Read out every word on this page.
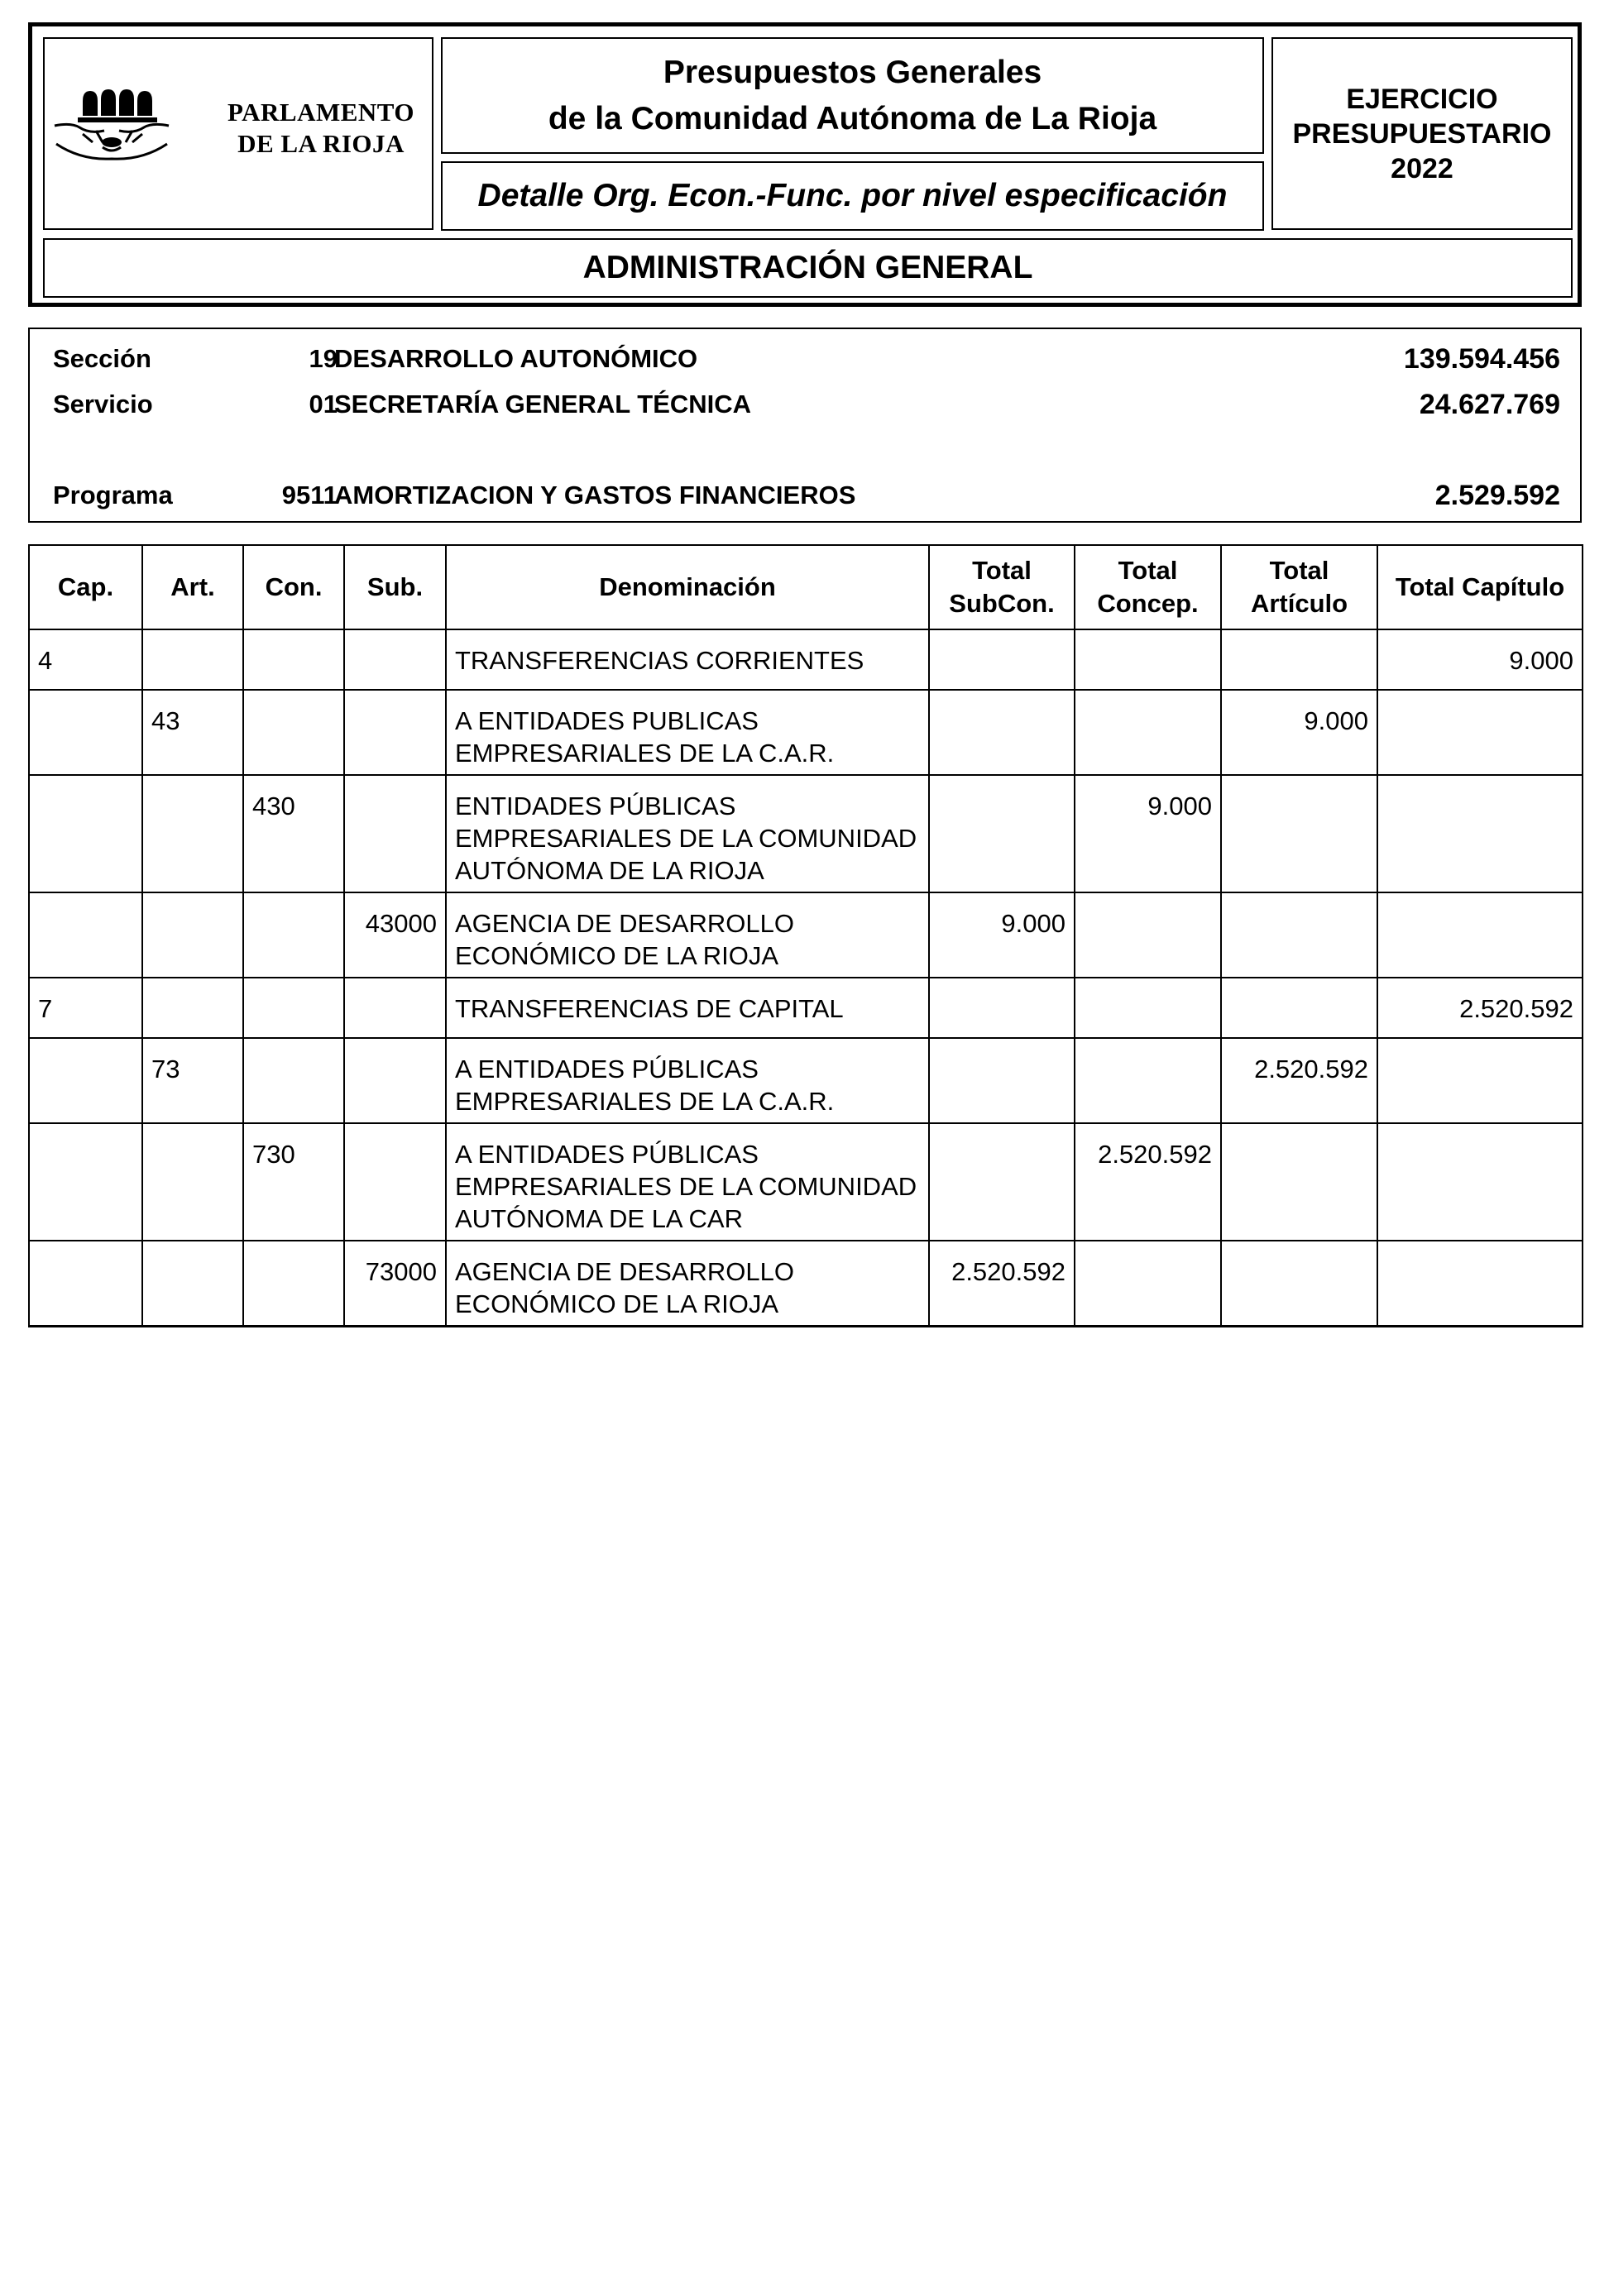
PARLAMENTO
DE LA RIOJA
Presupuestos Generales
de la Comunidad Autónoma de La Rioja
Detalle Org. Econ.-Func. por nivel especificación
EJERCICIO
PRESUPUESTARIO
2022
ADMINISTRACIÓN GENERAL
Sección	19
DESARROLLO AUTONÓMICO	139.594.456
Servicio	01
SECRETARÍA GENERAL TÉCNICA	24.627.769
Programa	9511
AMORTIZACION Y GASTOS FINANCIEROS	2.529.592
Cap.	Art.	Con.	Sub.	Denominación	Total SubCon.	Total Concep.	Total Artículo	Total Capítulo
4				TRANSFERENCIAS CORRIENTES				9.000
	43			A ENTIDADES PUBLICAS EMPRESARIALES DE LA C.A.R.			9.000	
		430		ENTIDADES PÚBLICAS EMPRESARIALES DE LA COMUNIDAD AUTÓNOMA DE LA RIOJA		9.000		
			43000	AGENCIA DE DESARROLLO ECONÓMICO DE LA RIOJA	9.000			
7				TRANSFERENCIAS DE CAPITAL				2.520.592
	73			A ENTIDADES PÚBLICAS EMPRESARIALES DE LA C.A.R.			2.520.592	
		730		A ENTIDADES PÚBLICAS EMPRESARIALES DE LA COMUNIDAD AUTÓNOMA DE LA CAR		2.520.592		
			73000	AGENCIA DE DESARROLLO ECONÓMICO DE LA RIOJA	2.520.592			
